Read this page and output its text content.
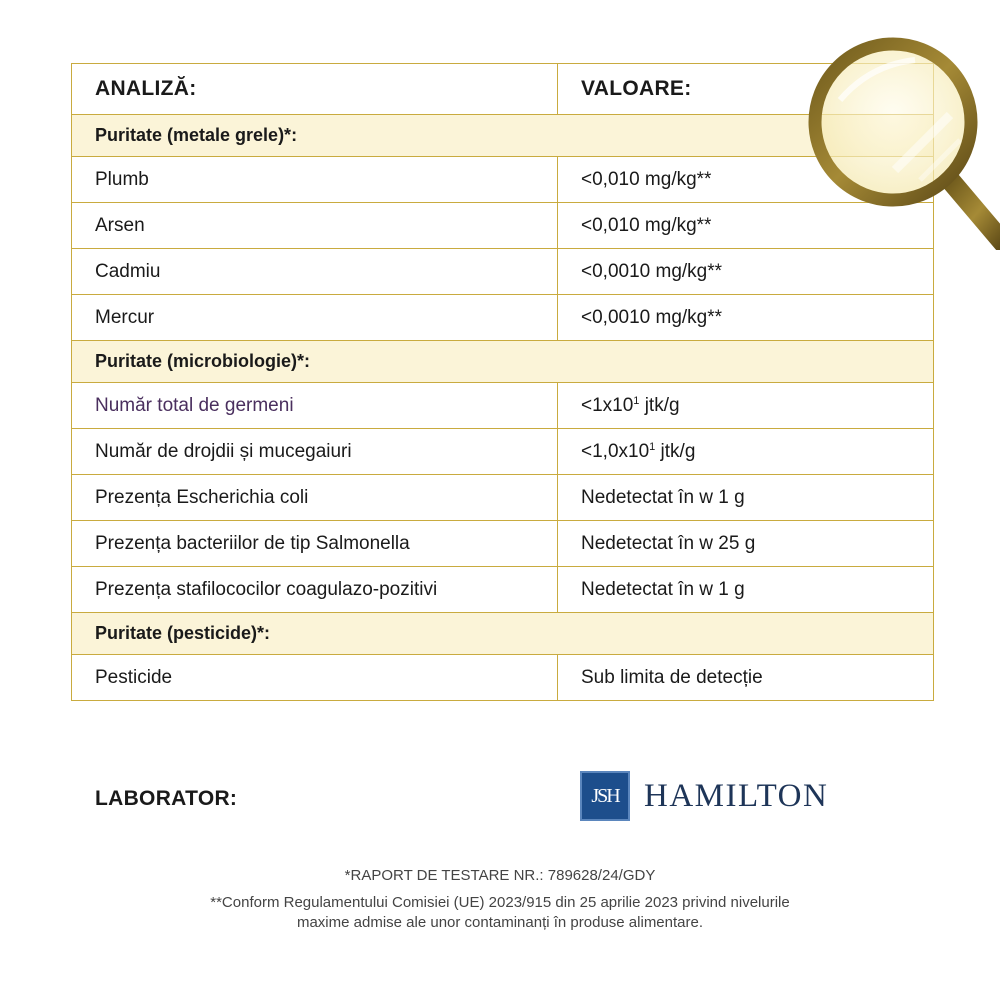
ANALIZĂ:	VALOARE:
Puritate (metale grele)*:	
Plumb	<0,010 mg/kg**
Arsen	<0,010 mg/kg**
Cadmiu	<0,0010 mg/kg**
Mercur	<0,0010 mg/kg**
Puritate (microbiologie)*:	
Număr total de germeni	$<1x10^1$ jtk/g
Număr de drojdii și mucegaiuri	$<1,0x10^1$ jtk/g
Prezența Escherichia coli	Nedetectat în w 1 g
Prezența bacteriilor de tip Salmonella	Nedetectat în w 25 g
Prezența stafilococilor coagulazo-pozitivi	Nedetectat în w 1 g
Puritate (pesticide)*:	
Pesticide	Sub limita de detecție
LABORATOR:	JSH HAMILTON
*RAPORT DE TESTARE NR.: 789628/24/GDY
**Conform Regulamentului Comisiei (UE) 2023/915 din 25 aprilie 2023 privind nivelurile
maxime admise ale unor contaminanți în produse alimentare.
